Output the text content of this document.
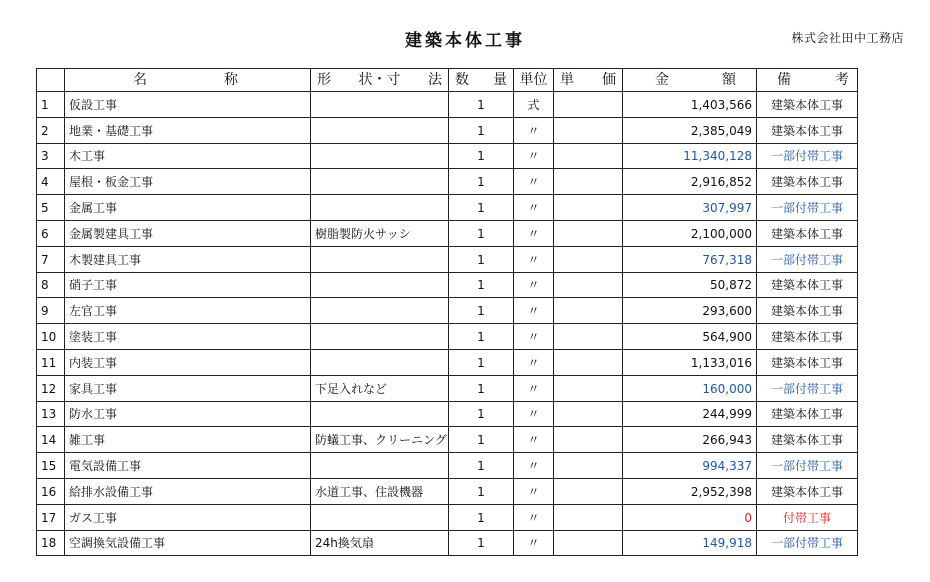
建築本体工事	株式会社田中工務店

	名 称	形 状・寸 法	数 量	単位	単 価	金 額	備 考

1	仮設工事		1	式		1,403,566	建築本体工事
2	地業・基礎工事		1	〃		2,385,049	建築本体工事
3	木工事		1	〃		11,340,128	一部付帯工事
4	屋根・板金工事		1	〃		2,916,852	建築本体工事
5	金属工事		1	〃		307,997	一部付帯工事
6	金属製建具工事	樹脂製防火サッシ	1	〃		2,100,000	建築本体工事
7	木製建具工事		1	〃		767,318	一部付帯工事
8	硝子工事		1	〃		50,872	建築本体工事
9	左官工事		1	〃		293,600	建築本体工事
10	塗装工事		1	〃		564,900	建築本体工事
11	内装工事		1	〃		1,133,016	建築本体工事
12	家具工事	下足入れなど	1	〃		160,000	一部付帯工事
13	防水工事		1	〃		244,999	建築本体工事
14	雑工事	防蟻工事、クリーニング	1	〃		266,943	建築本体工事
15	電気設備工事		1	〃		994,337	一部付帯工事
16	給排水設備工事	水道工事、住設機器	1	〃		2,952,398	建築本体工事
17	ガス工事		1	〃		0	付帯工事
18	空調換気設備工事	24h換気扇	1	〃		149,918	一部付帯工事
